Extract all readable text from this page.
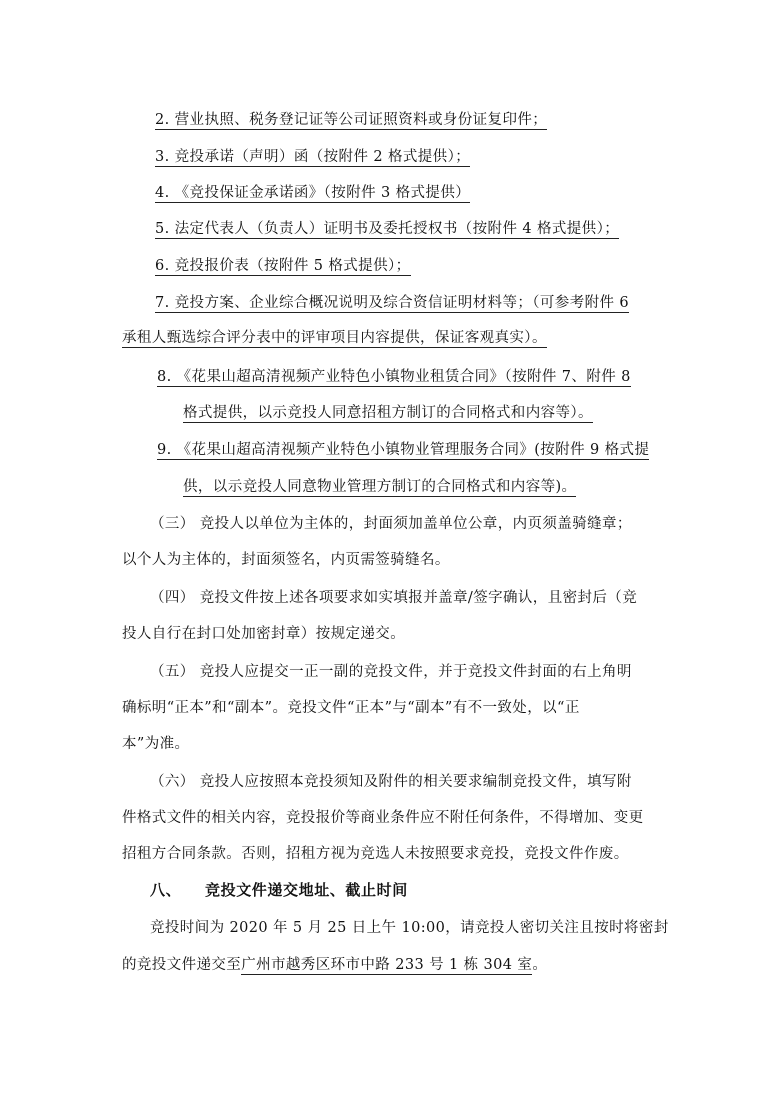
2. 营业执照、税务登记证等公司证照资料或身份证复印件；
3. 竞投承诺（声明）函（按附件 2 格式提供）；
4. 《竞投保证金承诺函》（按附件 3 格式提供）
5. 法定代表人（负责人）证明书及委托授权书（按附件 4 格式提供）；
6. 竞投报价表（按附件 5 格式提供）；
7. 竞投方案、企业综合概况说明及综合资信证明材料等；（可参考附件 6
承租人甄选综合评分表中的评审项目内容提供，保证客观真实）。
8. 《花果山超高清视频产业特色小镇物业租赁合同》（按附件 7、附件 8
格式提供，以示竞投人同意招租方制订的合同格式和内容等）。
9. 《花果山超高清视频产业特色小镇物业管理服务合同》(按附件 9 格式提
供，以示竞投人同意物业管理方制订的合同格式和内容等)。
（三） 竞投人以单位为主体的，封面须加盖单位公章，内页须盖骑缝章；
以个人为主体的，封面须签名，内页需签骑缝名。
（四） 竞投文件按上述各项要求如实填报并盖章/签字确认，且密封后（竞
投人自行在封口处加密封章）按规定递交。
（五） 竞投人应提交一正一副的竞投文件，并于竞投文件封面的右上角明
确标明“正本”和“副本”。竞投文件“正本”与“副本”有不一致处，以“正
本”为准。
（六） 竞投人应按照本竞投须知及附件的相关要求编制竞投文件，填写附
件格式文件的相关内容，竞投报价等商业条件应不附任何条件，不得增加、变更
招租方合同条款。否则，招租方视为竞选人未按照要求竞投，竞投文件作废。
八、 竞投文件递交地址、截止时间
竞投时间为 2020 年 5 月 25 日上午 10:00，请竞投人密切关注且按时将密封
的竞投文件递交至广州市越秀区环市中路 233 号 1 栋 304 室。
